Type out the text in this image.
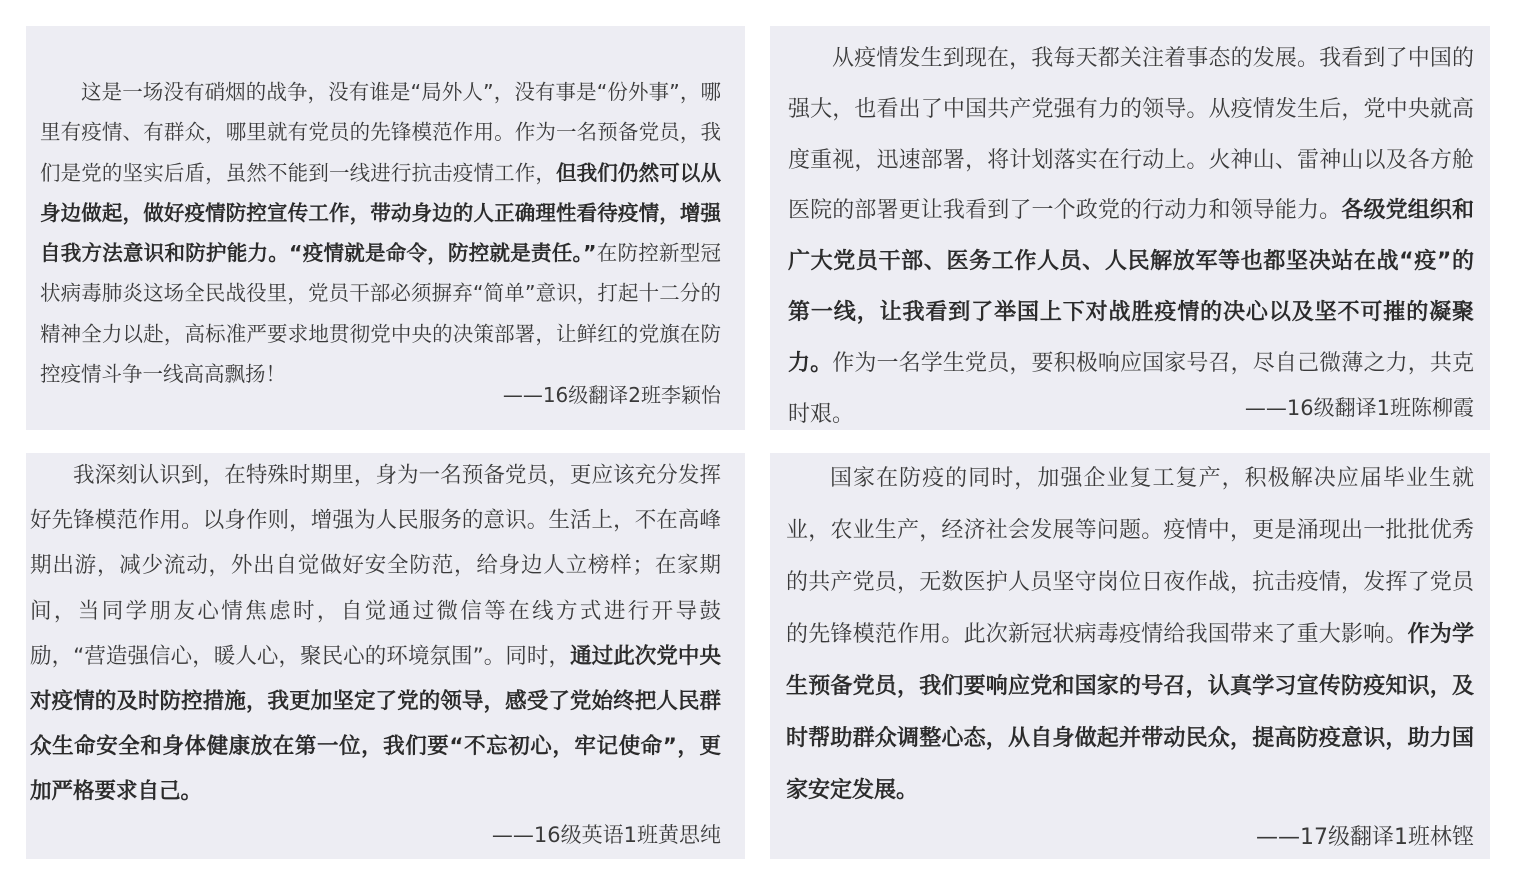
这是一场没有硝烟的战争，没有谁是“局外人”，没有事是“份外事”，哪里有疫情、有群众，哪里就有党员的先锋模范作用。作为一名预备党员，我们是党的坚实后盾，虽然不能到一线进行抗击疫情工作，但我们仍然可以从身边做起，做好疫情防控宣传工作，带动身边的人正确理性看待疫情，增强自我方法意识和防护能力。“疫情就是命令，防控就是责任。”在防控新型冠状病毒肺炎这场全民战役里，党员干部必须摒弃“简单”意识，打起十二分的精神全力以赴，高标准严要求地贯彻党中央的决策部署，让鲜红的党旗在防控疫情斗争一线高高飘扬！

——16级翻译2班李颖怡

从疫情发生到现在，我每天都关注着事态的发展。我看到了中国的强大，也看出了中国共产党强有力的领导。从疫情发生后，党中央就高度重视，迅速部署，将计划落实在行动上。火神山、雷神山以及各方舱医院的部署更让我看到了一个政党的行动力和领导能力。各级党组织和广大党员干部、医务工作人员、人民解放军等也都坚决站在战“疫”的第一线，让我看到了举国上下对战胜疫情的决心以及坚不可摧的凝聚力。作为一名学生党员，要积极响应国家号召，尽自己微薄之力，共克时艰。	——16级翻译1班陈柳霞

我深刻认识到，在特殊时期里，身为一名预备党员，更应该充分发挥好先锋模范作用。以身作则，增强为人民服务的意识。生活上，不在高峰期出游，减少流动，外出自觉做好安全防范，给身边人立榜样；在家期间，当同学朋友心情焦虑时，自觉通过微信等在线方式进行开导鼓励，“营造强信心，暖人心，聚民心的环境氛围”。同时，通过此次党中央对疫情的及时防控措施，我更加坚定了党的领导，感受了党始终把人民群众生命安全和身体健康放在第一位，我们要“不忘初心，牢记使命”，更加严格要求自己。

——16级英语1班黄思纯

国家在防疫的同时，加强企业复工复产，积极解决应届毕业生就业，农业生产，经济社会发展等问题。疫情中，更是涌现出一批批优秀的共产党员，无数医护人员坚守岗位日夜作战，抗击疫情，发挥了党员的先锋模范作用。此次新冠状病毒疫情给我国带来了重大影响。作为学生预备党员，我们要响应党和国家的号召，认真学习宣传防疫知识，及时帮助群众调整心态，从自身做起并带动民众，提高防疫意识，助力国家安定发展。

——17级翻译1班林铿
